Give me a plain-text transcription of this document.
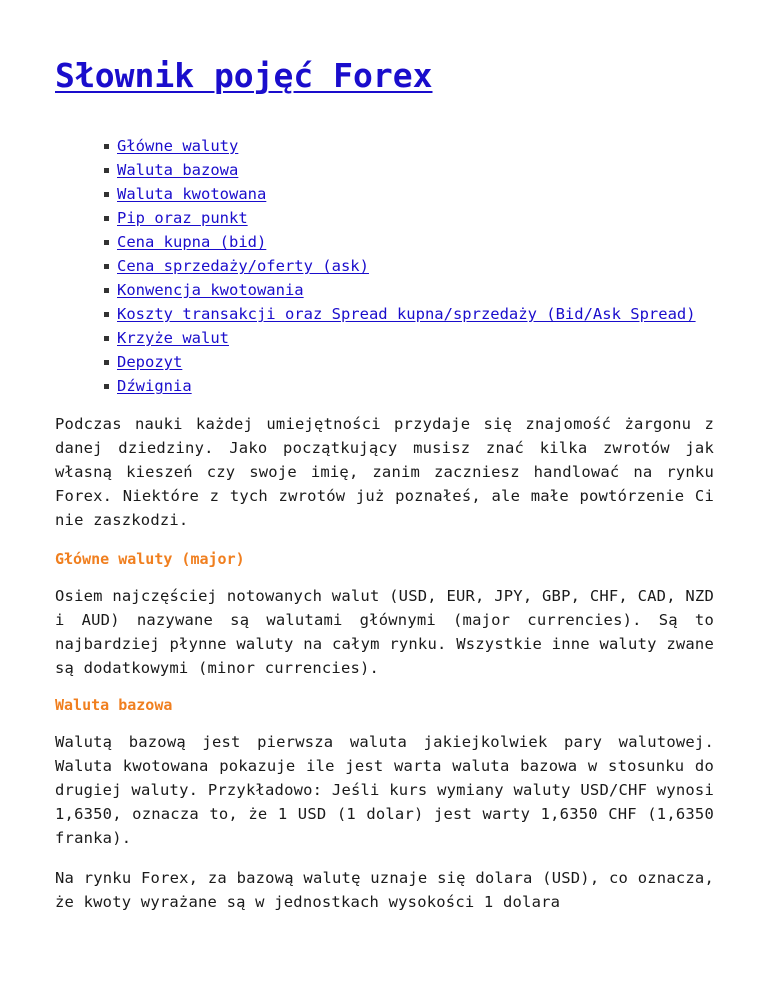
Słownik pojęć Forex
Główne waluty
Waluta bazowa
Waluta kwotowana
Pip oraz punkt
Cena kupna (bid)
Cena sprzedaży/oferty (ask)
Konwencja kwotowania
Koszty transakcji oraz Spread kupna/sprzedaży (Bid/Ask Spread)
Krzyże walut
Depozyt
Dźwignia

Podczas nauki każdej umiejętności przydaje się znajomość żargonu z danej dziedziny. Jako początkujący musisz znać kilka zwrotów jak własną kieszeń czy swoje imię, zanim zaczniesz handlować na rynku Forex. Niektóre z tych zwrotów już poznałeś, ale małe powtórzenie Ci nie zaszkodzi.

Główne waluty (major)

Osiem najczęściej notowanych walut (USD, EUR, JPY, GBP, CHF, CAD, NZD i AUD) nazywane są walutami głównymi (major currencies). Są to najbardziej płynne waluty na całym rynku. Wszystkie inne waluty zwane są dodatkowymi (minor currencies).

Waluta bazowa

Walutą bazową jest pierwsza waluta jakiejkolwiek pary walutowej. Waluta kwotowana pokazuje ile jest warta waluta bazowa w stosunku do drugiej waluty. Przykładowo: Jeśli kurs wymiany waluty USD/CHF wynosi 1,6350, oznacza to, że 1 USD (1 dolar) jest warty 1,6350 CHF (1,6350 franka).

Na rynku Forex, za bazową walutę uznaje się dolara (USD), co oznacza, że kwoty wyrażane są w jednostkach wysokości 1 dolara
